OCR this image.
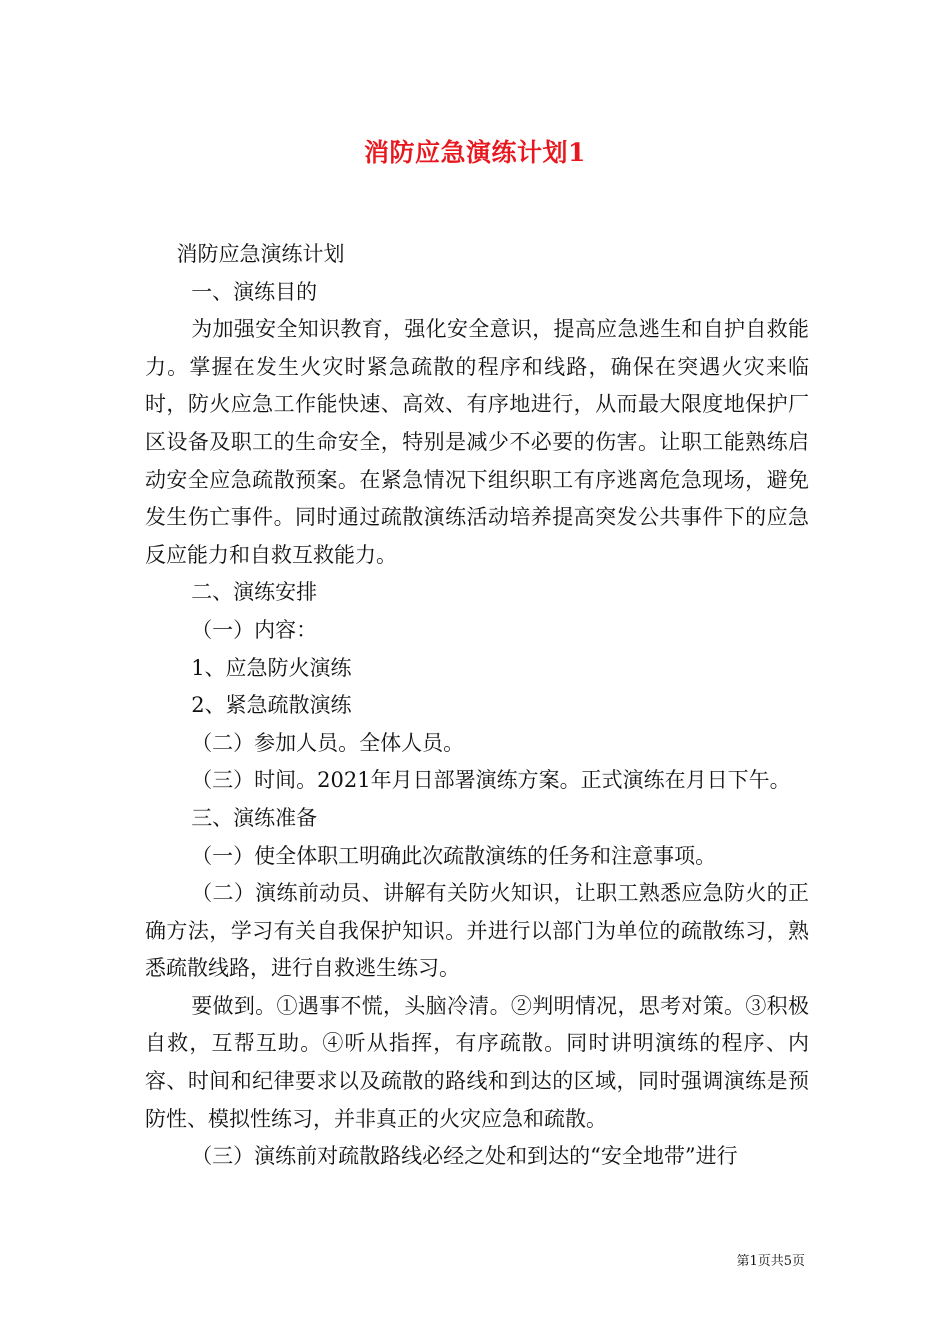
消防应急演练计划1

消防应急演练计划

一、演练目的

为加强安全知识教育，强化安全意识，提高应急逃生和自护自救能力。掌握在发生火灾时紧急疏散的程序和线路，确保在突遇火灾来临时，防火应急工作能快速、高效、有序地进行，从而最大限度地保护厂区设备及职工的生命安全，特别是减少不必要的伤害。让职工能熟练启动安全应急疏散预案。在紧急情况下组织职工有序逃离危急现场，避免发生伤亡事件。同时通过疏散演练活动培养提高突发公共事件下的应急反应能力和自救互救能力。

二、演练安排

（一）内容：

1、应急防火演练

2、紧急疏散演练

（二）参加人员。全体人员。

（三）时间。2021年月日部署演练方案。正式演练在月日下午。

三、演练准备

（一）使全体职工明确此次疏散演练的任务和注意事项。

（二）演练前动员、讲解有关防火知识，让职工熟悉应急防火的正确方法，学习有关自我保护知识。并进行以部门为单位的疏散练习，熟悉疏散线路，进行自救逃生练习。

要做到。①遇事不慌，头脑冷清。②判明情况，思考对策。③积极自救，互帮互助。④听从指挥，有序疏散。同时讲明演练的程序、内容、时间和纪律要求以及疏散的路线和到达的区域，同时强调演练是预防性、模拟性练习，并非真正的火灾应急和疏散。

（三）演练前对疏散路线必经之处和到达的“安全地带”进行

第1页共5页
